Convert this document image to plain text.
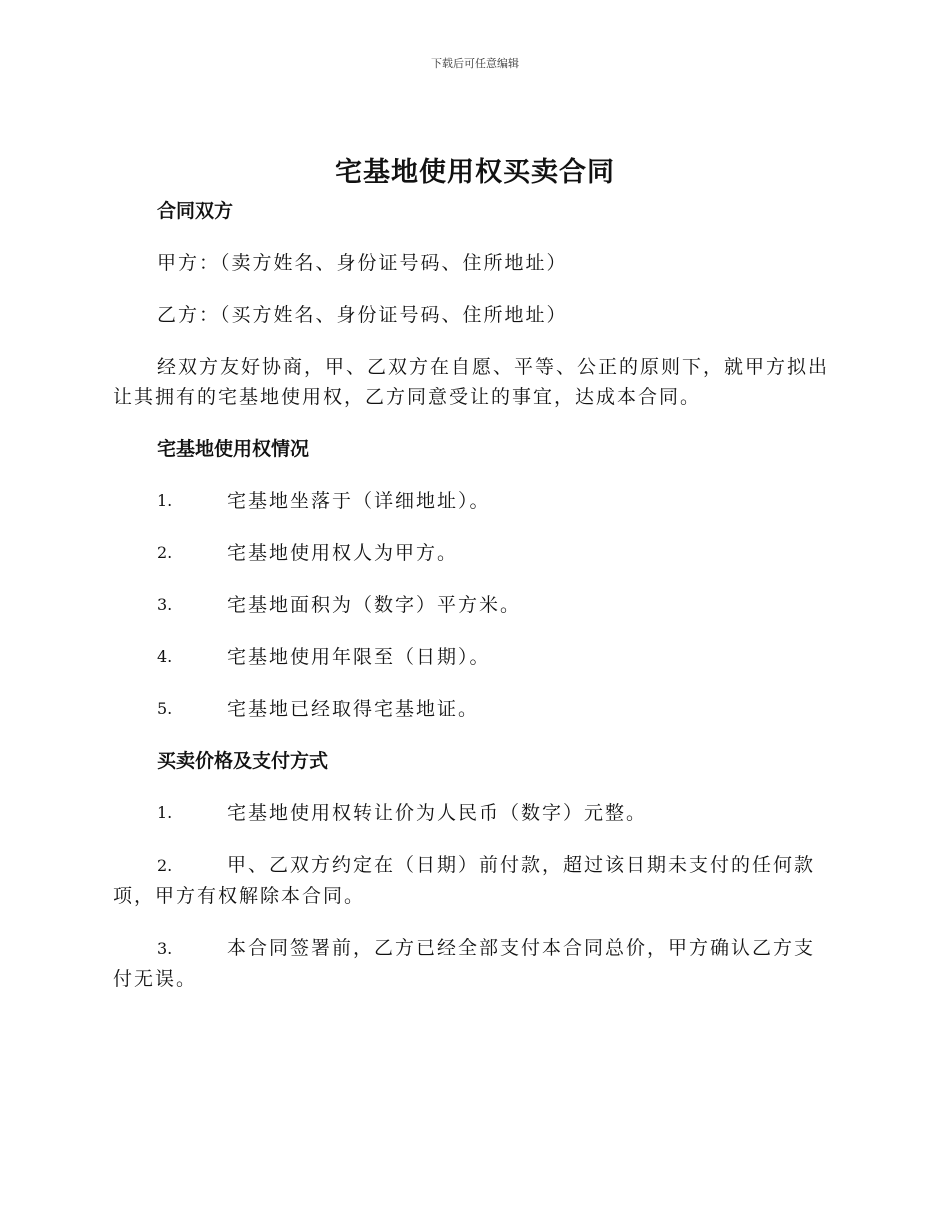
下载后可任意编辑
宅基地使用权买卖合同

合同双方

甲方：（卖方姓名、身份证号码、住所地址）

乙方：（买方姓名、身份证号码、住所地址）

经双方友好协商，甲、乙双方在自愿、平等、公正的原则下，就甲方拟出让其拥有的宅基地使用权，乙方同意受让的事宜，达成本合同。

宅基地使用权情况

1.	宅基地坐落于（详细地址）。
2.	宅基地使用权人为甲方。
3.	宅基地面积为（数字）平方米。
4.	宅基地使用年限至（日期）。
5.	宅基地已经取得宅基地证。

买卖价格及支付方式

1.	宅基地使用权转让价为人民币（数字）元整。
2.	甲、乙双方约定在（日期）前付款，超过该日期未支付的任何款项，甲方有权解除本合同。
3.	本合同签署前，乙方已经全部支付本合同总价，甲方确认乙方支付无误。
